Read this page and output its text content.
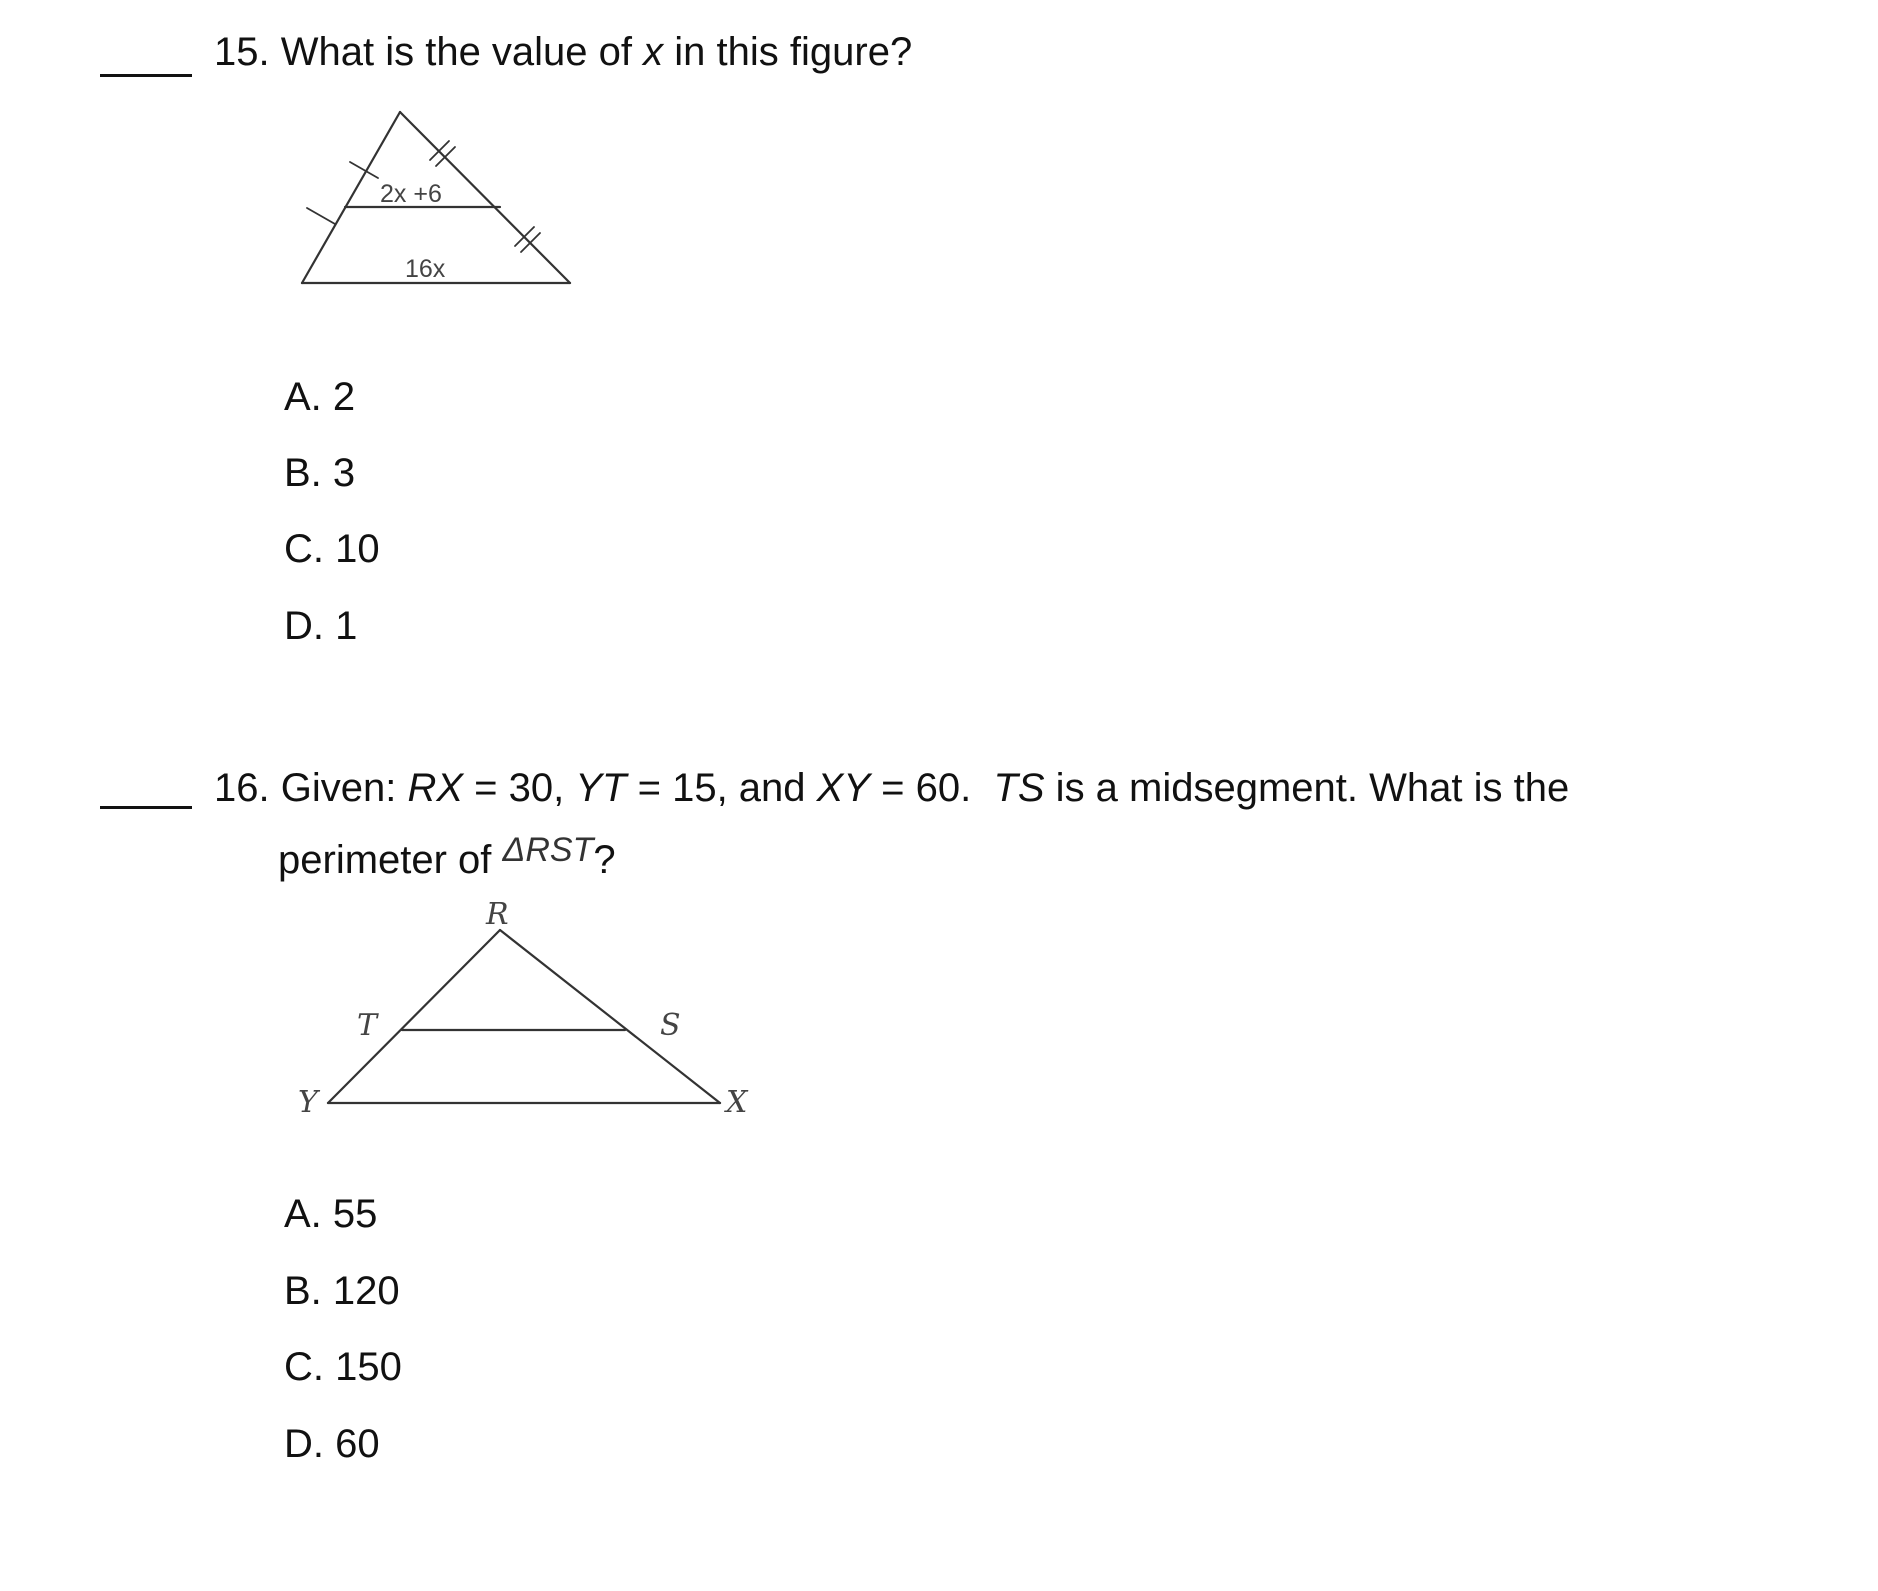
15. What is the value of x in this figure?
2x +6
16x
A. 2
B. 3
C. 10
D. 1
16. Given: RX = 30, YT = 15, and XY = 60. TS is a midsegment. What is the
perimeter of $^{\Delta RST}$?
R
T	S
Y	X
A. 55
B. 120
C. 150
D. 60
